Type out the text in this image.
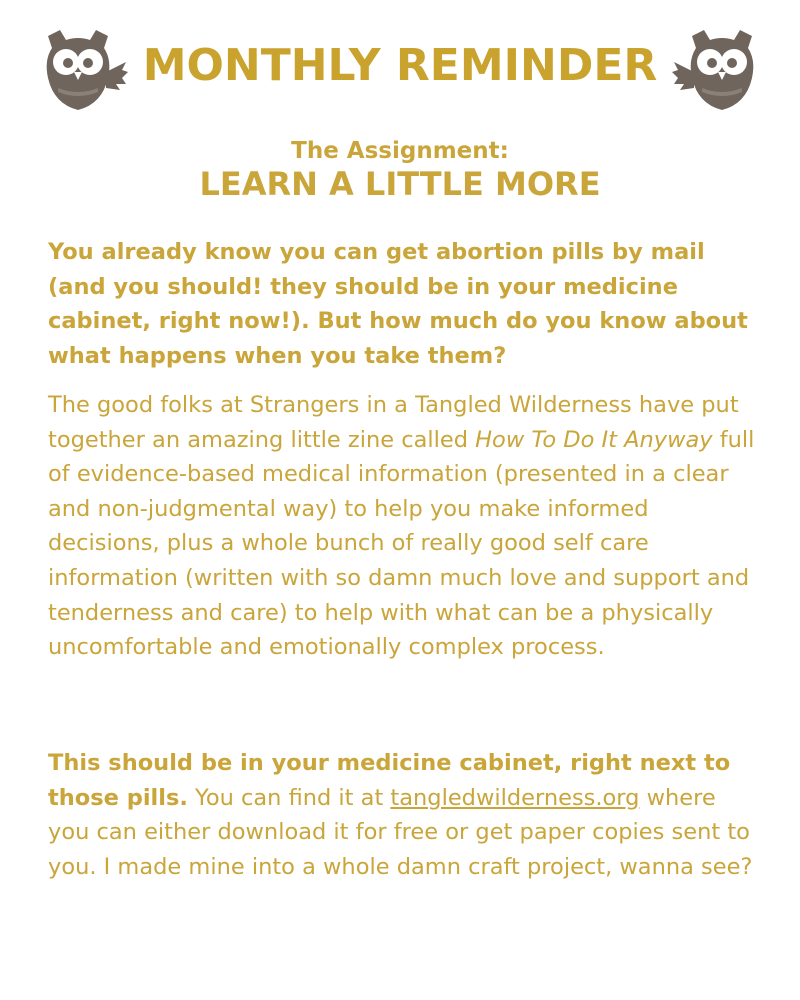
MONTHLY REMINDER
The Assignment:
LEARN A LITTLE MORE
You already know you can get abortion pills by mail (and you should! they should be in your medicine cabinet, right now!). But how much do you know about what happens when you take them?
The good folks at Strangers in a Tangled Wilderness have put together an amazing little zine called How To Do It Anyway full of evidence-based medical information (presented in a clear and non-judgmental way) to help you make informed decisions, plus a whole bunch of really good self care information (written with so damn much love and support and tenderness and care) to help with what can be a physically uncomfortable and emotionally complex process.
This should be in your medicine cabinet, right next to those pills. You can find it at tangledwilderness.org where you can either download it for free or get paper copies sent to you. I made mine into a whole damn craft project, wanna see?
